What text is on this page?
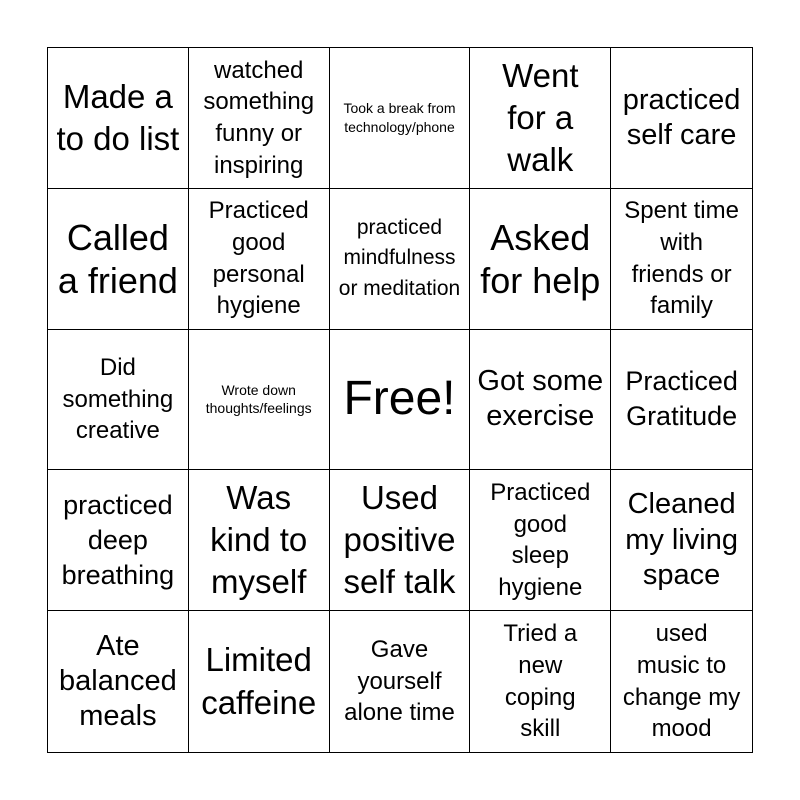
Made a to do list
watched something funny or inspiring
Took a break from technology/phone
Went for a walk
practiced self care
Called a friend
Practiced good personal hygiene
practiced mindfulness or meditation
Asked for help
Spent time with friends or family
Did something creative
Wrote down thoughts/feelings Free! Got some exercise
Practiced Gratitude
practiced deep breathing
Was kind to myself
Used positive self talk
Practiced good sleep hygiene
Cleaned my living space
Ate balanced meals
Limited caffeine
Gave yourself alone time
Tried a new coping skill
used music to change my mood
